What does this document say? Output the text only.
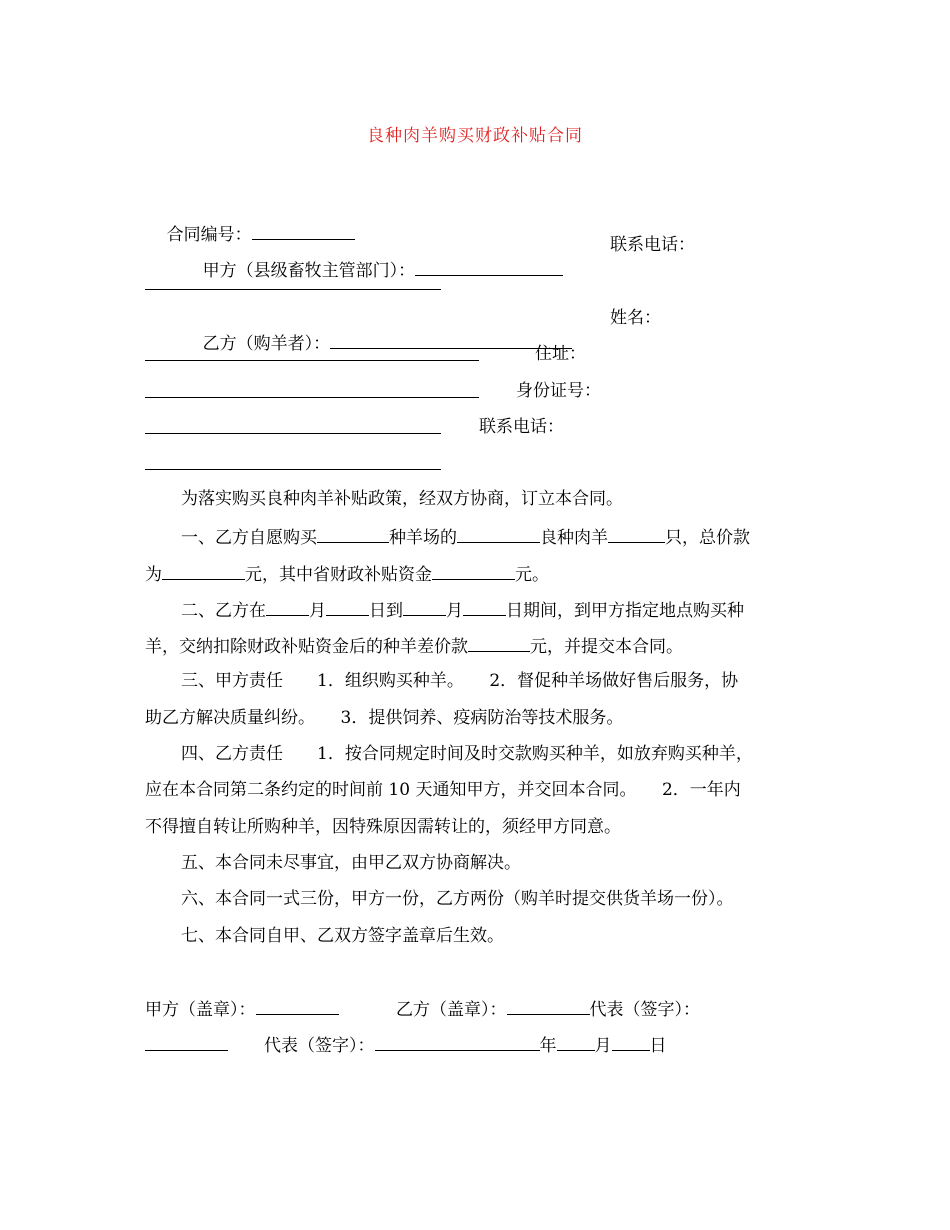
良种肉羊购买财政补贴合同

合同编号：

甲方（县级畜牧主管部门）：

联系电话：

乙方（购羊者）：

姓名：
住址：
身份证号：
联系电话：
为落实购买良种肉羊补贴政策，经双方协商，订立本合同。
一、乙方自愿购买	种羊场的	良种肉羊	只，总价款
为	元，其中省财政补贴资金	元。
二、乙方在	月	日到	月	日期间，到甲方指定地点购买种
羊，交纳扣除财政补贴资金后的种羊差价款	元，并提交本合同。
三、甲方责任　　1．组织购买种羊。　　2．督促种羊场做好售后服务，协
助乙方解决质量纠纷。　　3．提供饲养、疫病防治等技术服务。
四、乙方责任　　1．按合同规定时间及时交款购买种羊，如放弃购买种羊，
应在本合同第二条约定的时间前 10 天通知甲方，并交回本合同。　　2．一年内
不得擅自转让所购种羊，因特殊原因需转让的，须经甲方同意。
五、本合同未尽事宜，由甲乙双方协商解决。
六、本合同一式三份，甲方一份，乙方两份（购羊时提交供货羊场一份）。
七、本合同自甲、乙双方签字盖章后生效。
甲方（盖章）：	乙方（盖章）：	代表（签字）：
代表（签字）：	年 月 日
